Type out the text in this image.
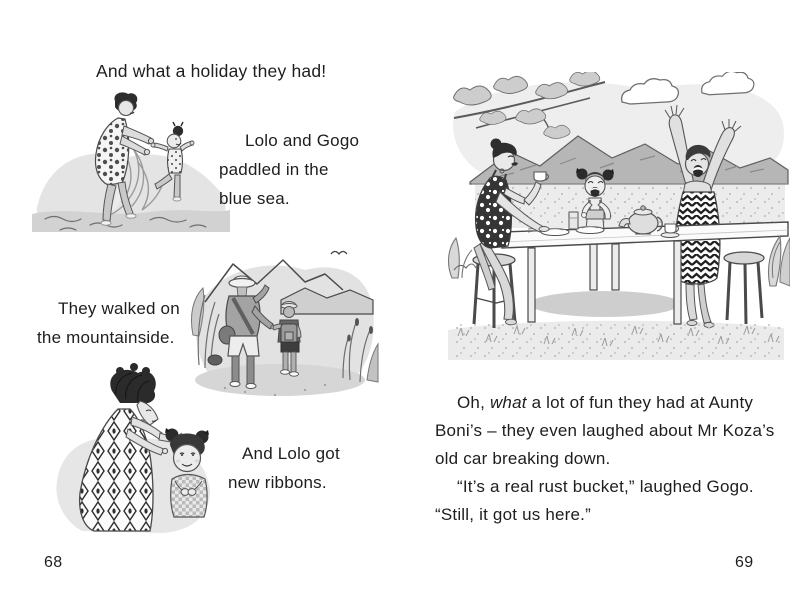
And what a holiday they had!
Lolo and Gogo
paddled in the
blue sea.
They walked on
the mountainside.
And Lolo got
new ribbons.
68
Oh, what a lot of fun they had at Aunty
Boni’s – they even laughed about Mr Koza’s
old car breaking down.
“It’s a real rust bucket,” laughed Gogo.
“Still, it got us here.”
69
